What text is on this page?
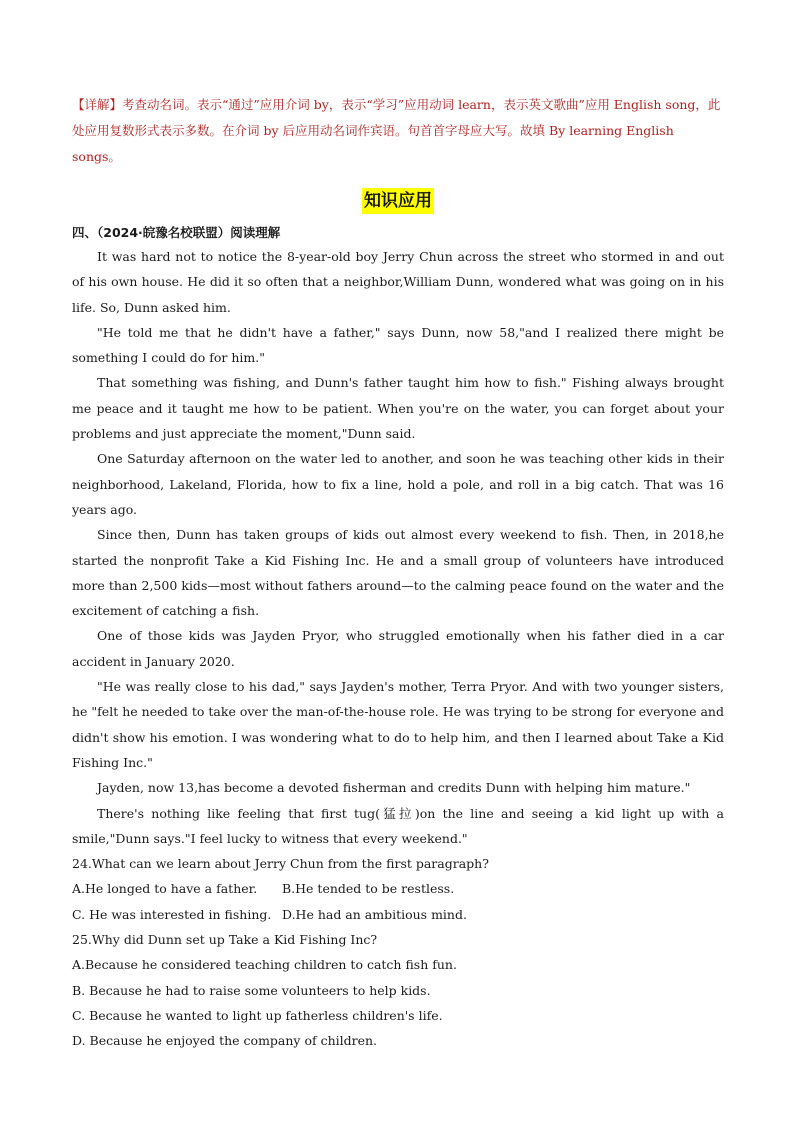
【详解】考查动名词。表示“通过”应用介词 by，表示“学习”应用动词 learn，表示英文歌曲”应用 English song，此处应用复数形式表示多数。在介词 by 后应用动名词作宾语。句首首字母应大写。故填 By learning English songs。

知识应用

四、（2024·皖豫名校联盟）阅读理解

It was hard not to notice the 8-year-old boy Jerry Chun across the street who stormed in and out of his own house. He did it so often that a neighbor,William Dunn, wondered what was going on in his life. So, Dunn asked him.

"He told me that he didn't have a father," says Dunn, now 58,"and I realized there might be something I could do for him."

That something was fishing, and Dunn's father taught him how to fish." Fishing always brought me peace and it taught me how to be patient. When you're on the water, you can forget about your problems and just appreciate the moment,"Dunn said.

One Saturday afternoon on the water led to another, and soon he was teaching other kids in their neighborhood, Lakeland, Florida, how to fix a line, hold a pole, and roll in a big catch. That was 16 years ago.

Since then, Dunn has taken groups of kids out almost every weekend to fish. Then, in 2018,he started the nonprofit Take a Kid Fishing Inc. He and a small group of volunteers have introduced more than 2,500 kids—most without fathers around—to the calming peace found on the water and the excitement of catching a fish.

One of those kids was Jayden Pryor, who struggled emotionally when his father died in a car accident in January 2020.

"He was really close to his dad," says Jayden's mother, Terra Pryor. And with two younger sisters, he "felt he needed to take over the man-of-the-house role. He was trying to be strong for everyone and didn't show his emotion. I was wondering what to do to help him, and then I learned about Take a Kid Fishing Inc."

Jayden, now 13,has become a devoted fisherman and credits Dunn with helping him mature."

There's nothing like feeling that first tug(猛拉)on the line and seeing a kid light up with a smile,"Dunn says."I feel lucky to witness that every weekend."

24.What can we learn about Jerry Chun from the first paragraph?

A.He longed to have a father. B.He tended to be restless.

C. He was interested in fishing. D.He had an ambitious mind.

25.Why did Dunn set up Take a Kid Fishing Inc?

A.Because he considered teaching children to catch fish fun.

B. Because he had to raise some volunteers to help kids.

C. Because he wanted to light up fatherless children's life.

D. Because he enjoyed the company of children.
